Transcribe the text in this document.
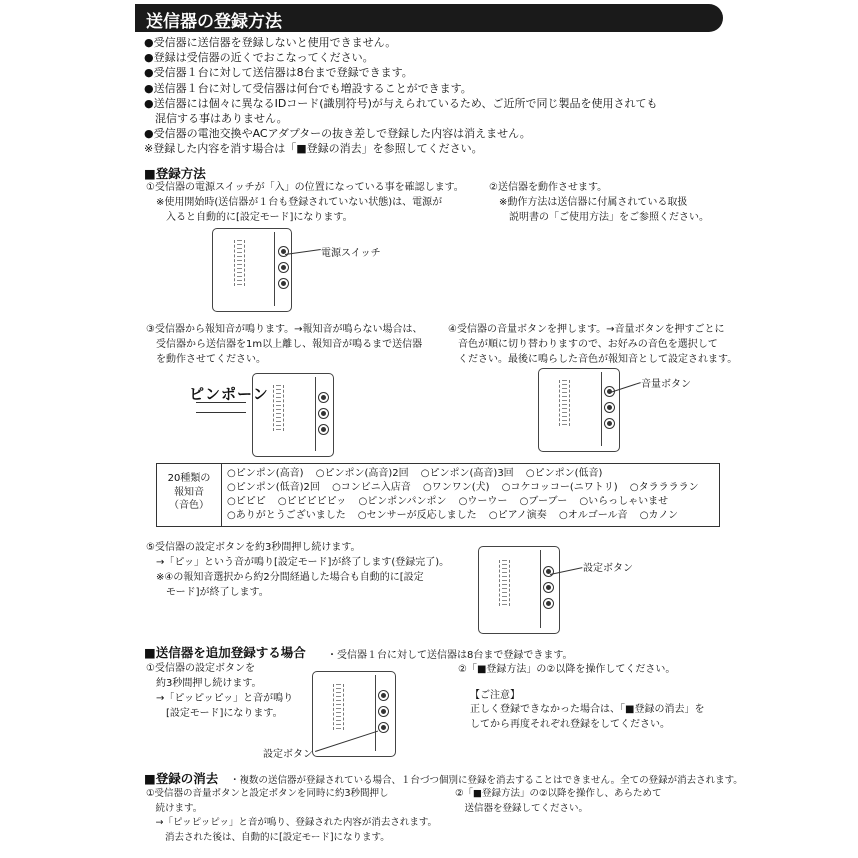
送信器の登録方法
●受信器に送信器を登録しないと使用できません。
●登録は受信器の近くでおこなってください。
●受信器１台に対して送信器は8台まで登録できます。
●送信器１台に対して受信器は何台でも増設することができます。
●送信器には個々に異なるIDコード(識別符号)が与えられているため、ご近所で同じ製品を使用されても
　混信する事はありません。
●受信器の電池交換やACアダプターの抜き差しで登録した内容は消えません。
※登録した内容を消す場合は「■登録の消去」を参照してください。
■登録方法
①受信器の電源スイッチが「入」の位置になっている事を確認します。
　※使用開始時(送信器が１台も登録されていない状態)は、電源が
　　入ると自動的に[設定モード]になります。
②送信器を動作させます。
　※動作方法は送信器に付属されている取扱
　　説明書の「ご使用方法」をご参照ください。
電源スイッチ
③受信器から報知音が鳴ります。→報知音が鳴らない場合は、
　受信器から送信器を1m以上離し、報知音が鳴るまで送信器
　を動作させてください。
④受信器の音量ボタンを押します。→音量ボタンを押すごとに
　音色が順に切り替わりますので、お好みの音色を選択して
　ください。最後に鳴らした音色が報知音として設定されます。
ピンポーン
音量ボタン
20種類の
報知音
（音色）
○ピンポン(高音) ○ピンポン(高音)2回 ○ピンポン(高音)3回 ○ピンポン(低音)
○ピンポン(低音)2回 ○コンビニ入店音 ○ワンワン(犬) ○コケコッコー(ニワトリ) ○タララララン
○ピピピ ○ピピピピピッ ○ピンポンパンポン ○ウーウー ○ブーブー ○いらっしゃいませ
○ありがとうございました ○センサーが反応しました ○ピアノ演奏 ○オルゴール音 ○カノン
⑤受信器の設定ボタンを約3秒間押し続けます。
　→「ピッ」という音が鳴り[設定モード]が終了します(登録完了)。
　※④の報知音選択から約2分間経過した場合も自動的に[設定
　　モード]が終了します。
設定ボタン
■送信器を追加登録する場合 ・受信器１台に対して送信器は8台まで登録できます。
①受信器の設定ボタンを
　約3秒間押し続けます。
　→「ピッピッピッ」と音が鳴り
　　[設定モード]になります。
設定ボタン
②「■登録方法」の②以降を操作してください。
【ご注意】
正しく登録できなかった場合は、「■登録の消去」を
してから再度それぞれ登録をしてください。
■登録の消去 ・複数の送信器が登録されている場合、１台づつ個別に登録を消去することはできません。全ての登録が消去されます。
①受信器の音量ボタンと設定ボタンを同時に約3秒間押し
　続けます。
　→「ピッピッピッ」と音が鳴り、登録された内容が消去されます。
　　消去された後は、自動的に[設定モード]になります。
②「■登録方法」の②以降を操作し、あらためて
　送信器を登録してください。
